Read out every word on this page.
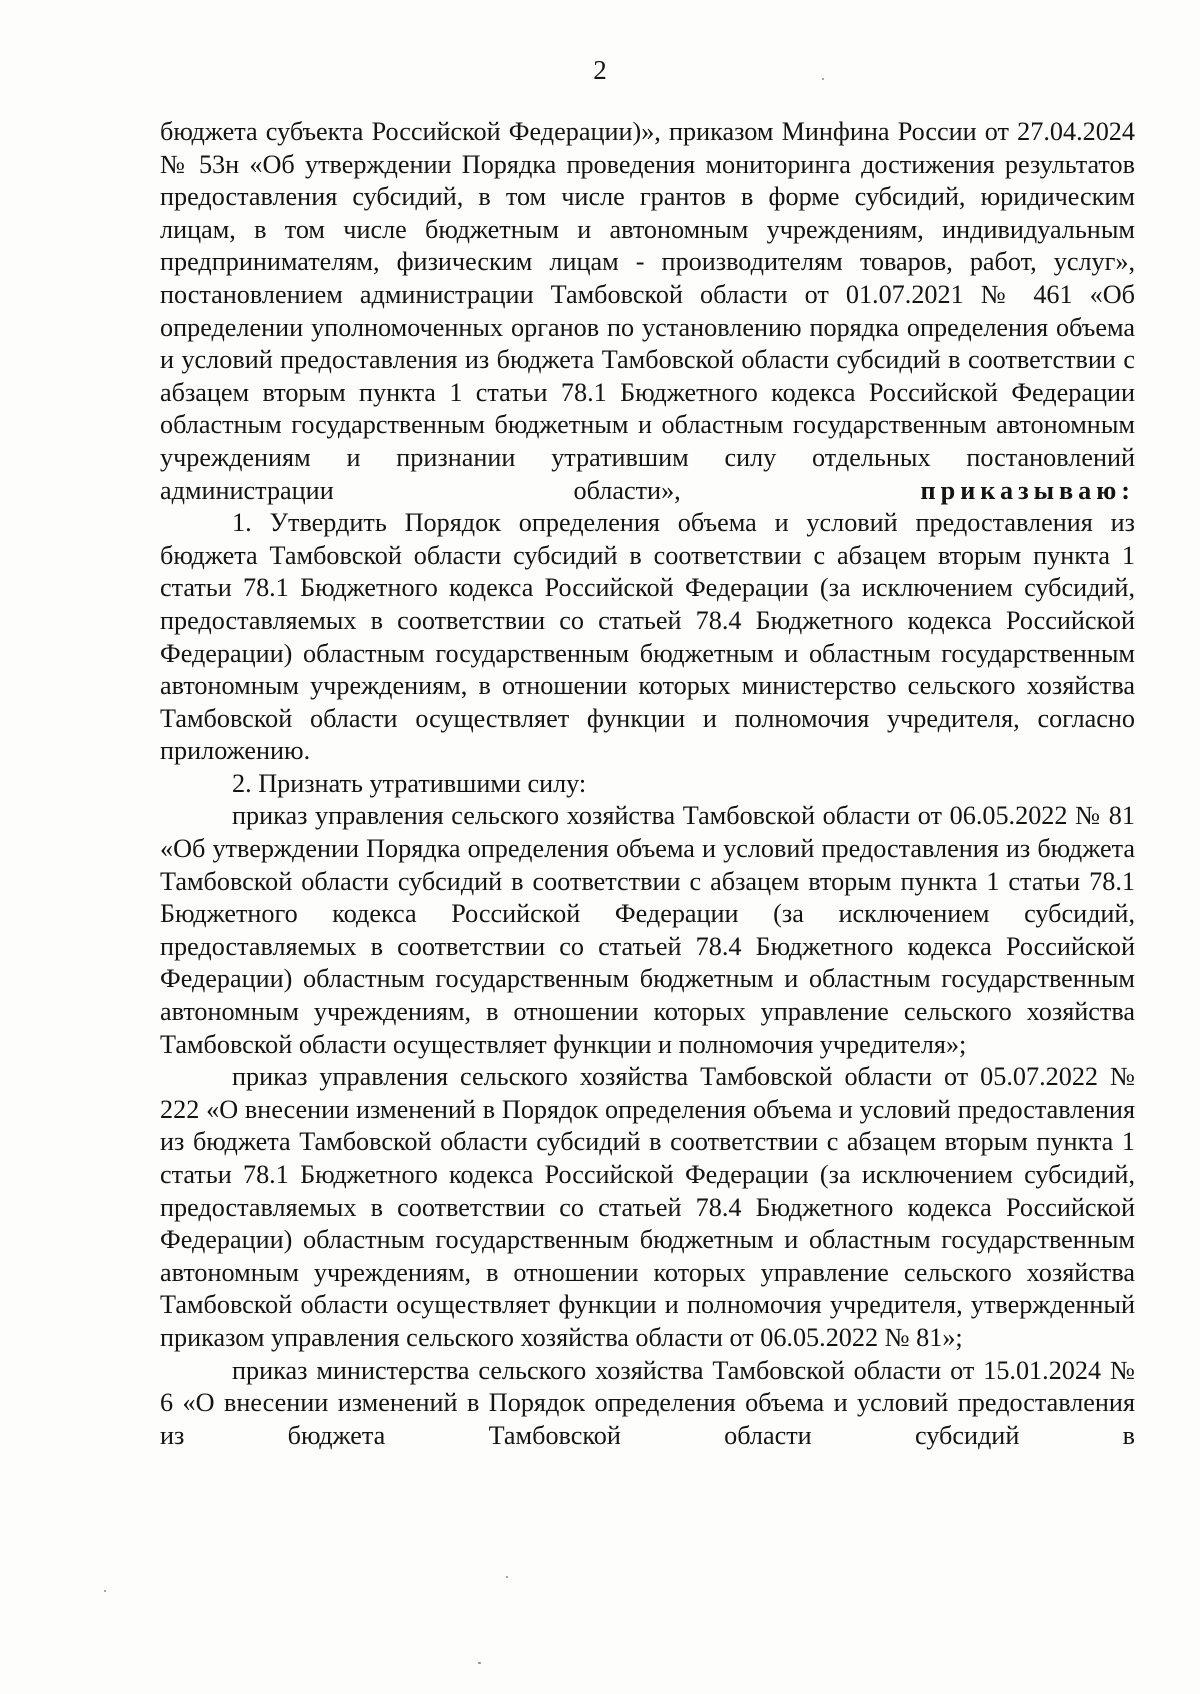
2

бюджета субъекта Российской Федерации)», приказом Минфина России от 27.04.2024 № 53н «Об утверждении Порядка проведения мониторинга достижения результатов предоставления субсидий, в том числе грантов в форме субсидий, юридическим лицам, в том числе бюджетным и автономным учреждениям, индивидуальным предпринимателям, физическим лицам - производителям товаров, работ, услуг», постановлением администрации Тамбовской области от 01.07.2021 № 461 «Об определении уполномоченных органов по установлению порядка определения объема и условий предоставления из бюджета Тамбовской области субсидий в соответствии с абзацем вторым пункта 1 статьи 78.1 Бюджетного кодекса Российской Федерации областным государственным бюджетным и областным государственным автономным учреждениям и признании утратившим силу отдельных постановлений администрации области»,	приказываю:

1. Утвердить Порядок определения объема и условий предоставления из бюджета Тамбовской области субсидий в соответствии с абзацем вторым пункта 1 статьи 78.1 Бюджетного кодекса Российской Федерации (за исключением субсидий, предоставляемых в соответствии со статьей 78.4 Бюджетного кодекса Российской Федерации) областным государственным бюджетным и областным государственным автономным учреждениям, в отношении которых министерство сельского хозяйства Тамбовской области осуществляет функции и полномочия учредителя, согласно приложению.

2. Признать утратившими силу:

приказ управления сельского хозяйства Тамбовской области от 06.05.2022 № 81 «Об утверждении Порядка определения объема и условий предоставления из бюджета Тамбовской области субсидий в соответствии с абзацем вторым пункта 1 статьи 78.1 Бюджетного кодекса Российской Федерации (за исключением субсидий, предоставляемых в соответствии со статьей 78.4 Бюджетного кодекса Российской Федерации) областным государственным бюджетным и областным государственным автономным учреждениям, в отношении которых управление сельского хозяйства Тамбовской области осуществляет функции и полномочия учредителя»;

приказ управления сельского хозяйства Тамбовской области от 05.07.2022 № 222 «О внесении изменений в Порядок определения объема и условий предоставления из бюджета Тамбовской области субсидий в соответствии с абзацем вторым пункта 1 статьи 78.1 Бюджетного кодекса Российской Федерации (за исключением субсидий, предоставляемых в соответствии со статьей 78.4 Бюджетного кодекса Российской Федерации) областным государственным бюджетным и областным государственным автономным учреждениям, в отношении которых управление сельского хозяйства Тамбовской области осуществляет функции и полномочия учредителя, утвержденный приказом управления сельского хозяйства области от 06.05.2022 № 81»;

приказ министерства сельского хозяйства Тамбовской области от 15.01.2024 № 6 «О внесении изменений в Порядок определения объема и условий предоставления из бюджета Тамбовской области субсидий в
